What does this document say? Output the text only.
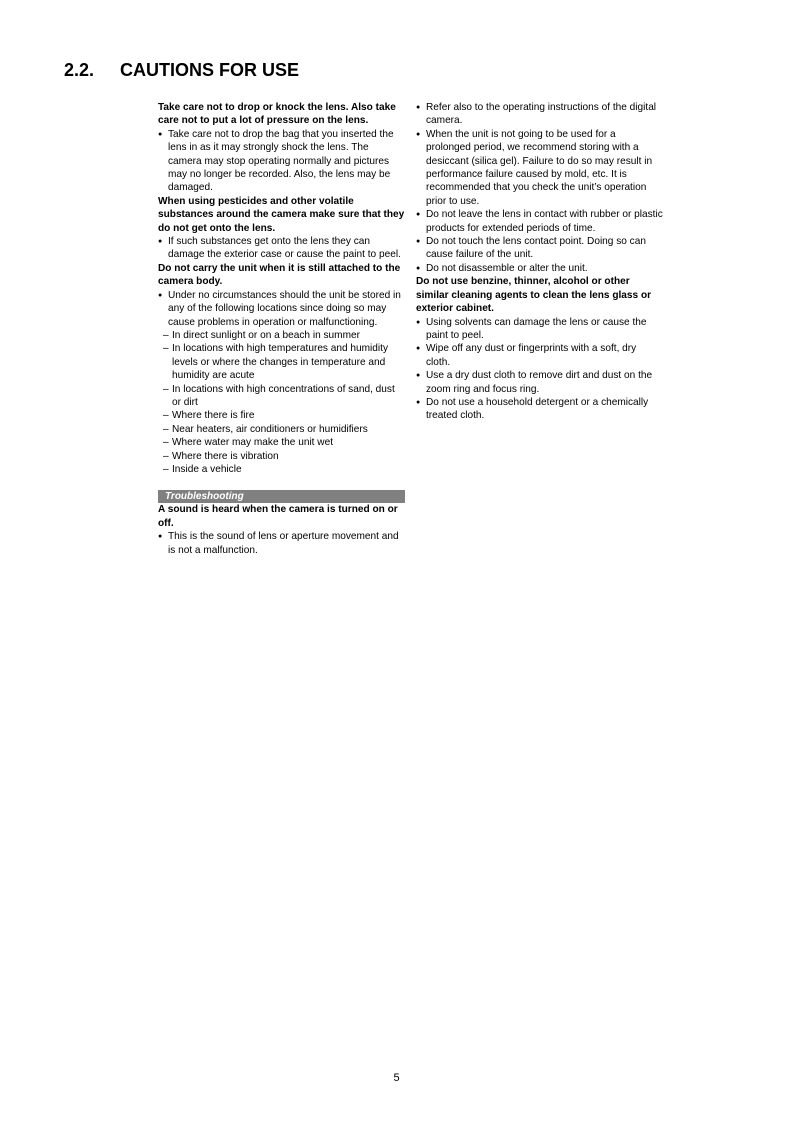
2.2. CAUTIONS FOR USE

Take care not to drop or knock the lens. Also take care not to put a lot of pressure on the lens.

● Take care not to drop the bag that you inserted the lens in as it may strongly shock the lens. The camera may stop operating normally and pictures may no longer be recorded. Also, the lens may be damaged.

When using pesticides and other volatile substances around the camera make sure that they do not get onto the lens.

● If such substances get onto the lens they can damage the exterior case or cause the paint to peel.

Do not carry the unit when it is still attached to the camera body.

● Under no circumstances should the unit be stored in any of the following locations since doing so may cause problems in operation or malfunctioning.
– In direct sunlight or on a beach in summer
– In locations with high temperatures and humidity levels or where the changes in temperature and humidity are acute
– In locations with high concentrations of sand, dust or dirt
– Where there is fire
– Near heaters, air conditioners or humidifiers
– Where water may make the unit wet
– Where there is vibration
– Inside a vehicle
Troubleshooting

A sound is heard when the camera is turned on or off.

● This is the sound of lens or aperture movement and is not a malfunction.
● Refer also to the operating instructions of the digital camera.
● When the unit is not going to be used for a prolonged period, we recommend storing with a desiccant (silica gel). Failure to do so may result in performance failure caused by mold, etc. It is recommended that you check the unit’s operation prior to use.
● Do not leave the lens in contact with rubber or plastic products for extended periods of time.
● Do not touch the lens contact point. Doing so can cause failure of the unit.
● Do not disassemble or alter the unit.

Do not use benzine, thinner, alcohol or other similar cleaning agents to clean the lens glass or exterior cabinet.

● Using solvents can damage the lens or cause the paint to peel.
● Wipe off any dust or fingerprints with a soft, dry cloth.
● Use a dry dust cloth to remove dirt and dust on the zoom ring and focus ring.
● Do not use a household detergent or a chemically treated cloth.
5
